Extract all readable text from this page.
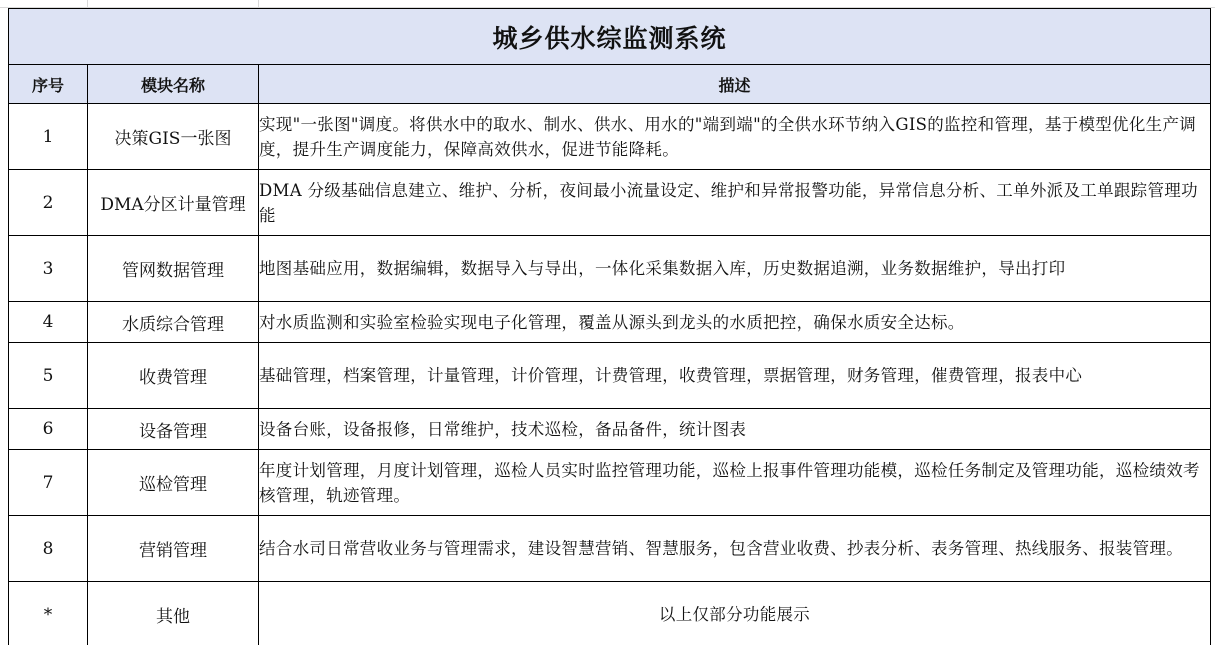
城乡供水综监测系统		
序号	模块名称	描述
1	决策GIS一张图	实现"一张图"调度。将供水中的取水、制水、供水、用水的"端到端"的全供水环节纳入GIS的监控和管理，基于模型优化生产调度，提升生产调度能力，保障高效供水，促进节能降耗。
2	DMA分区计量管理	DMA 分级基础信息建立、维护、分析，夜间最小流量设定、维护和异常报警功能，异常信息分析、工单外派及工单跟踪管理功能
3	管网数据管理	地图基础应用，数据编辑，数据导入与导出，一体化采集数据入库，历史数据追溯，业务数据维护，导出打印
4	水质综合管理	对水质监测和实验室检验实现电子化管理，覆盖从源头到龙头的水质把控，确保水质安全达标。
5	收费管理	基础管理，档案管理，计量管理，计价管理，计费管理，收费管理，票据管理，财务管理，催费管理，报表中心
6	设备管理	设备台账，设备报修，日常维护，技术巡检，备品备件，统计图表
7	巡检管理	年度计划管理，月度计划管理，巡检人员实时监控管理功能，巡检上报事件管理功能模，巡检任务制定及管理功能，巡检绩效考核管理，轨迹管理。
8	营销管理	结合水司日常营收业务与管理需求，建设智慧营销、智慧服务，包含营业收费、抄表分析、表务管理、热线服务、报装管理。
*	其他	以上仅部分功能展示
